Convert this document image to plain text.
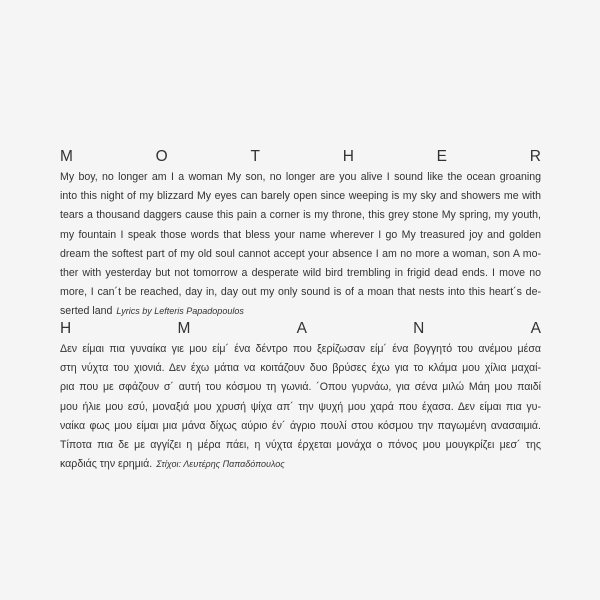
M	O	T	H	E	R
My boy, no longer am I a woman My son, no longer are you alive I sound like the ocean groaning
into this night of my blizzard My eyes can barely open since weeping is my sky and showers me with
tears a thousand daggers cause this pain a corner is my throne, this grey stone My spring, my youth,
my fountain I speak those words that bless your name wherever I go My treasured joy and golden
dream the softest part of my old soul cannot accept your absence I am no more a woman, son A mo-
ther with yesterday but not tomorrow a desperate wild bird trembling in frigid dead ends. I move no
more, I can´t be reached, day in, day out my only sound is of a moan that nests into this heart´s de-
serted land Lyrics by Lefteris Papadopoulos
H	M	A	N	A
Δεν είμαι πια γυναίκα γιε μου είμ´ ένα δέντρο που ξερίζωσαν είμ´ ένα βογγητό του ανέμου μέσα
στη νύχτα του χιονιά. Δεν έχω μάτια να κοιτάζουν δυο βρύσες έχω για το κλάμα μου χίλια μαχαί-
ρια που με σφάζουν σ´ αυτή του κόσμου τη γωνιά. ´Οπου γυρνάω, για σένα μιλώ Μάη μου παιδί
μου ήλιε μου εσύ, μοναξιά μου χρυσή ψίχα απ´ την ψυχή μου χαρά που έχασα. Δεν είμαι πια γυ-
ναίκα φως μου είμαι μια μάνα δίχως αύριο έν´ άγριο πουλί στου κόσμου την παγωμένη ανασαιμιά.
Τίποτα πια δε με αγγίζει η μέρα πάει, η νύχτα έρχεται μονάχα ο πόνος μου μουγκρίζει μεσ´ της
καρδιάς την ερημιά. Στίχοι: Λευτέρης Παπαδόπουλος
